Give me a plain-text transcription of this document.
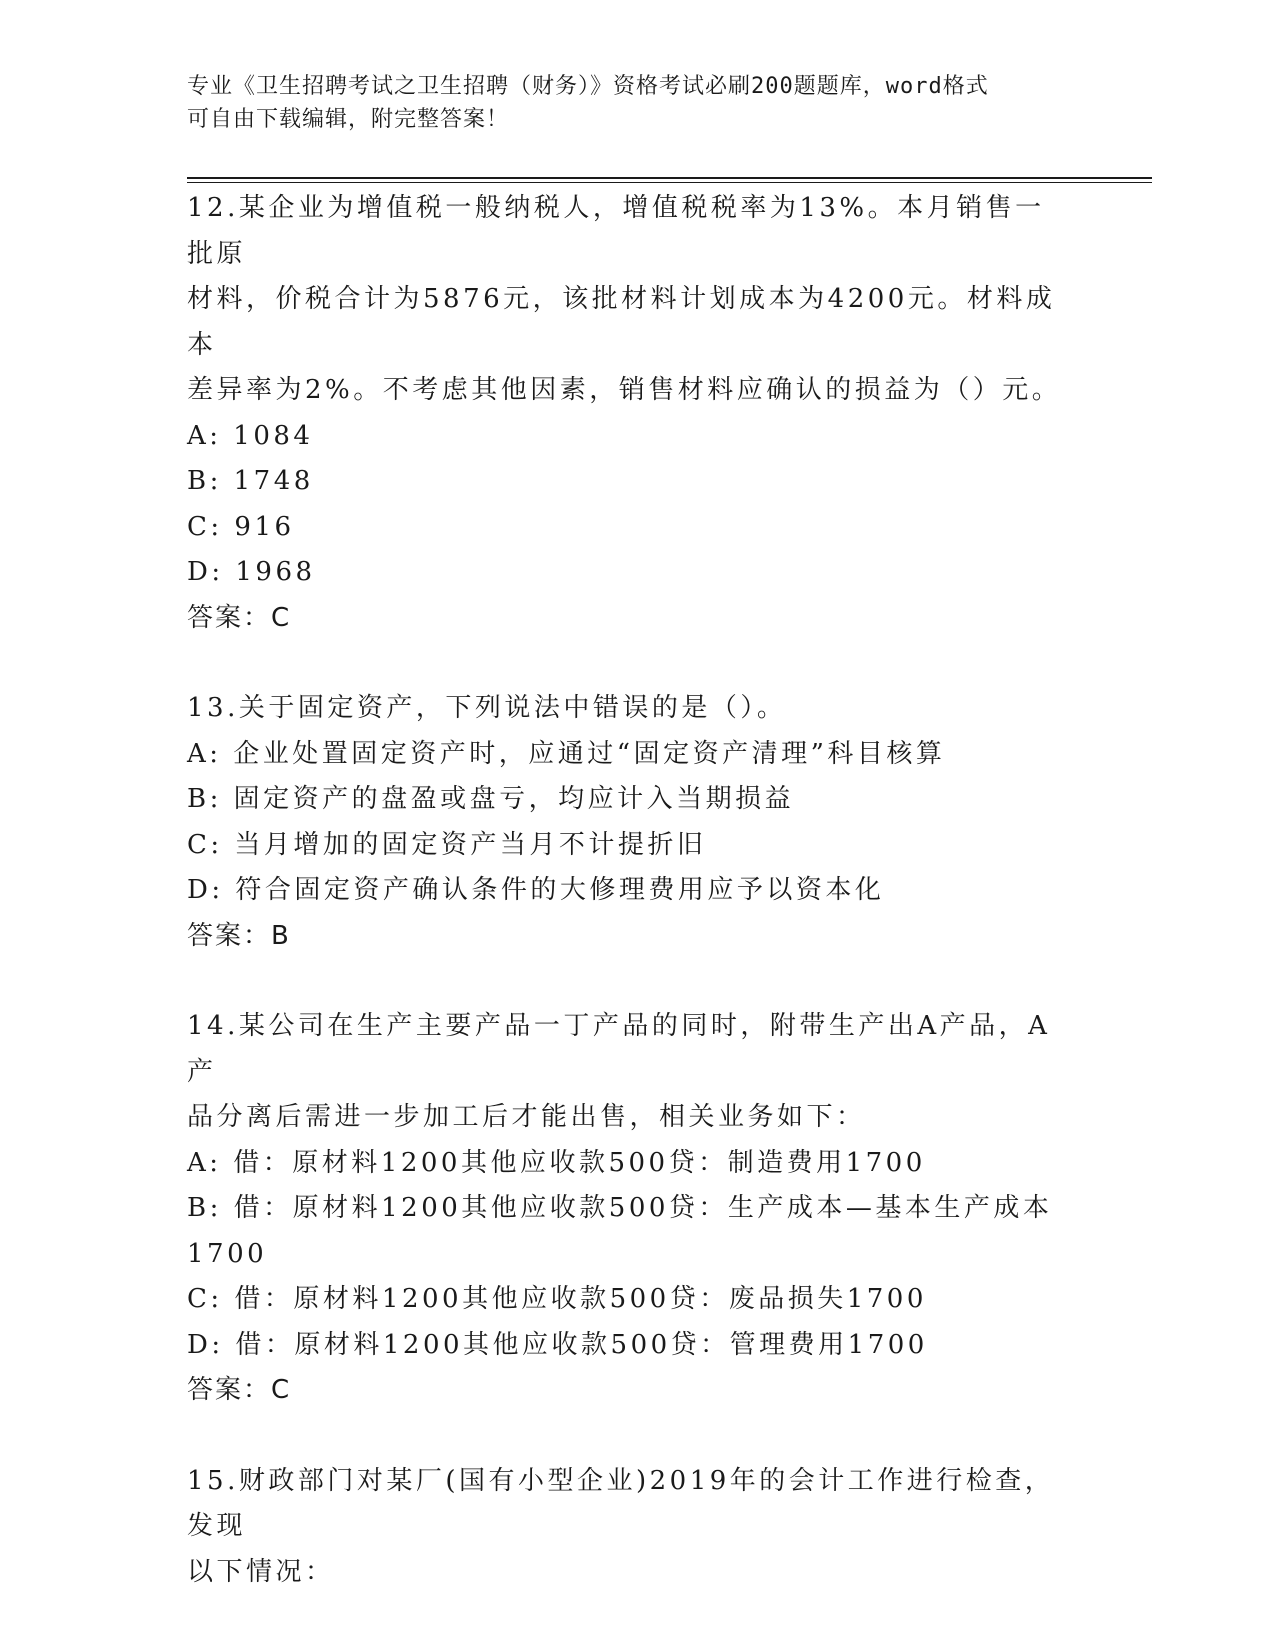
专业《卫生招聘考试之卫生招聘（财务）》资格考试必刷200题题库，word格式
可自由下载编辑，附完整答案！
12.某企业为增值税一般纳税人，增值税税率为13%。本月销售一批原
材料，价税合计为5876元，该批材料计划成本为4200元。材料成本
差异率为2%。不考虑其他因素，销售材料应确认的损益为（）元。
A: 1084
B: 1748
C: 916
D: 1968
答案：C
13.关于固定资产，下列说法中错误的是（）。
A: 企业处置固定资产时，应通过“固定资产清理”科目核算
B: 固定资产的盘盈或盘亏，均应计入当期损益
C: 当月增加的固定资产当月不计提折旧
D: 符合固定资产确认条件的大修理费用应予以资本化
答案：B
14.某公司在生产主要产品一丁产品的同时，附带生产出A产品，A产
品分离后需进一步加工后才能出售，相关业务如下：
A: 借：原材料1200其他应收款500贷：制造费用1700
B: 借：原材料1200其他应收款500贷：生产成本—基本生产成本
1700
C: 借：原材料1200其他应收款500贷：废品损失1700
D: 借：原材料1200其他应收款500贷：管理费用1700
答案：C
15.财政部门对某厂(国有小型企业)2019年的会计工作进行检查，发现
以下情况：
